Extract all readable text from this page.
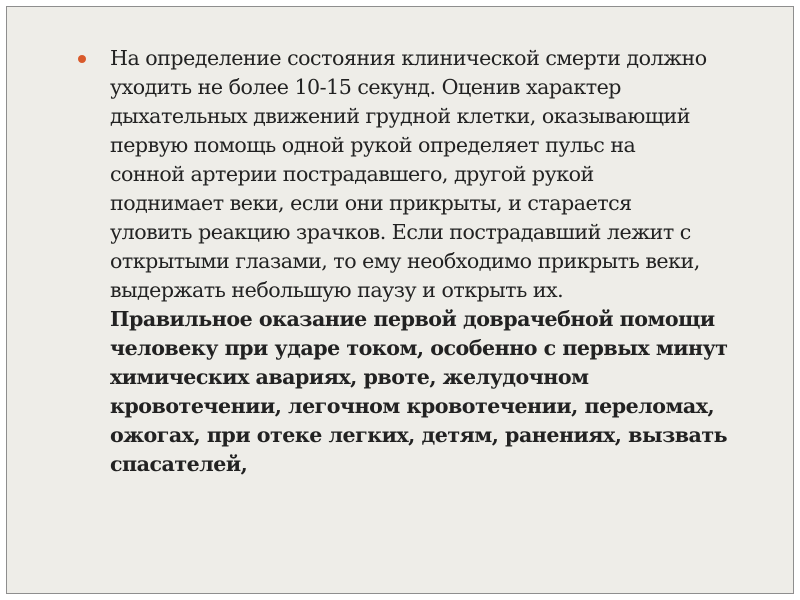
На определение состояния клинической смерти должно
уходить не более 10-15 секунд. Оценив характер
дыхательных движений грудной клетки, оказывающий
первую помощь одной рукой определяет пульс на
сонной артерии пострадавшего, другой рукой
поднимает веки, если они прикрыты, и старается
уловить реакцию зрачков. Если пострадавший лежит с
открытыми глазами, то ему необходимо прикрыть веки,
выдержать небольшую паузу и открыть их.
Правильное оказание первой доврачебной помощи
человеку при ударе током, особенно с первых минут
химических авариях, рвоте, желудочном
кровотечении, легочном кровотечении, переломах,
ожогах, при отеке легких, детям, ранениях, вызвать
спасателей,
